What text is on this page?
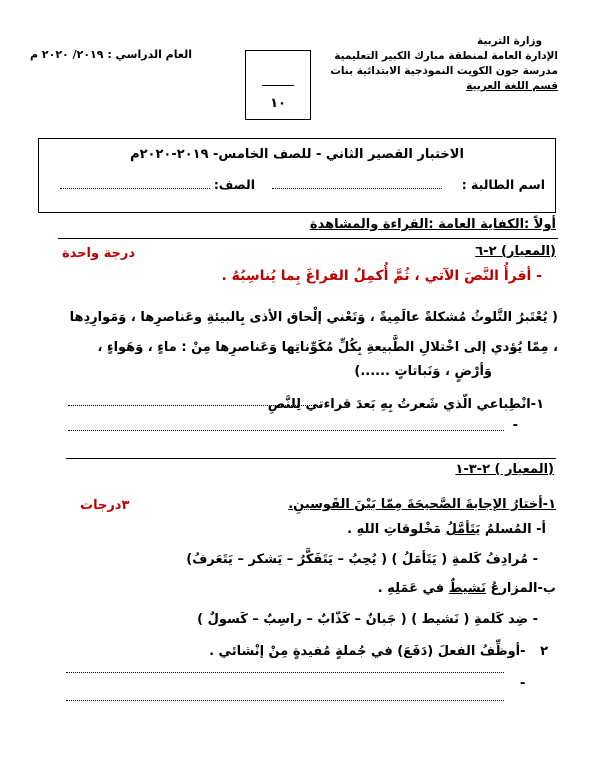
وزارة التربية
الإدارة العامة لمنطقة مبارك الكبير التعليمية
مدرسة جون الكويت النموذجية الابتدائية بنات
قسم اللغة العربية
العام الدراسي : ٢٠١٩/ ٢٠٢٠ م
١٠
الاختبار القصير الثاني - للصف الخامس- ٢٠١٩-٢٠٢٠م
اسم الطالبة :
الصف:
أولاً :الكفاية العامة :القراءة والمشاهدة
(المعيار) ٢-٦
درجة واحدة
- أقرأُ النَّصَ الآتي ، ثُمَّ أُكمِلُ الفراغَ بِما يُناسِبُهُ .
( يُعْتَبرُ التَّلوثُ مُشكلةً عالَمِيةً ، وَتَعْني إلْحاق الأذى بِالبيئةِ وعَناصرِها ، وَمَوارِدِها
، مِمّا يُؤدي إلى اخْتلالِ الطَّبيعةِ بِكُلِّ مُكَوِّناتِها وَعَناصرِها مِنْ : ماءٍ ، وَهَواءٍ ،
وَأرْضٍ ، وَنَباتاتٍ ......)
١-انْطِباعي الّذي شَعرتُ بِهِ بَعدَ قراءتي لِلنَّصِ
-
(المعيار ) ٢-٣-١
١-أختارُ الإجابةَ الصَّحيحَةَ مِمّا بَيْنَ القَوسينِ.
٣درجات
أ- المُسلمُ يَتَأمَّلُ مَخْلوقاتِ اللهِ .
- مُرادِفُ كَلمةِ ( يَتَأمَلُ ) ( يُحِبُ – يَتَفَكَّرُ – يَشكر – يَتَعَرفُ)
ب-المزارعُ نَشيطٌ في عَمَلِهِ .
- ضِد كَلمةِ ( نَشيط ) ( جَبانٌ – كَذّابٌ – راسِبٌ – كَسولٌ )
٢ -أوظِّفُ الفعلَ (دَفَعَ) في جُملةٍ مُفيدةٍ مِنْ إنْشائي .
-
